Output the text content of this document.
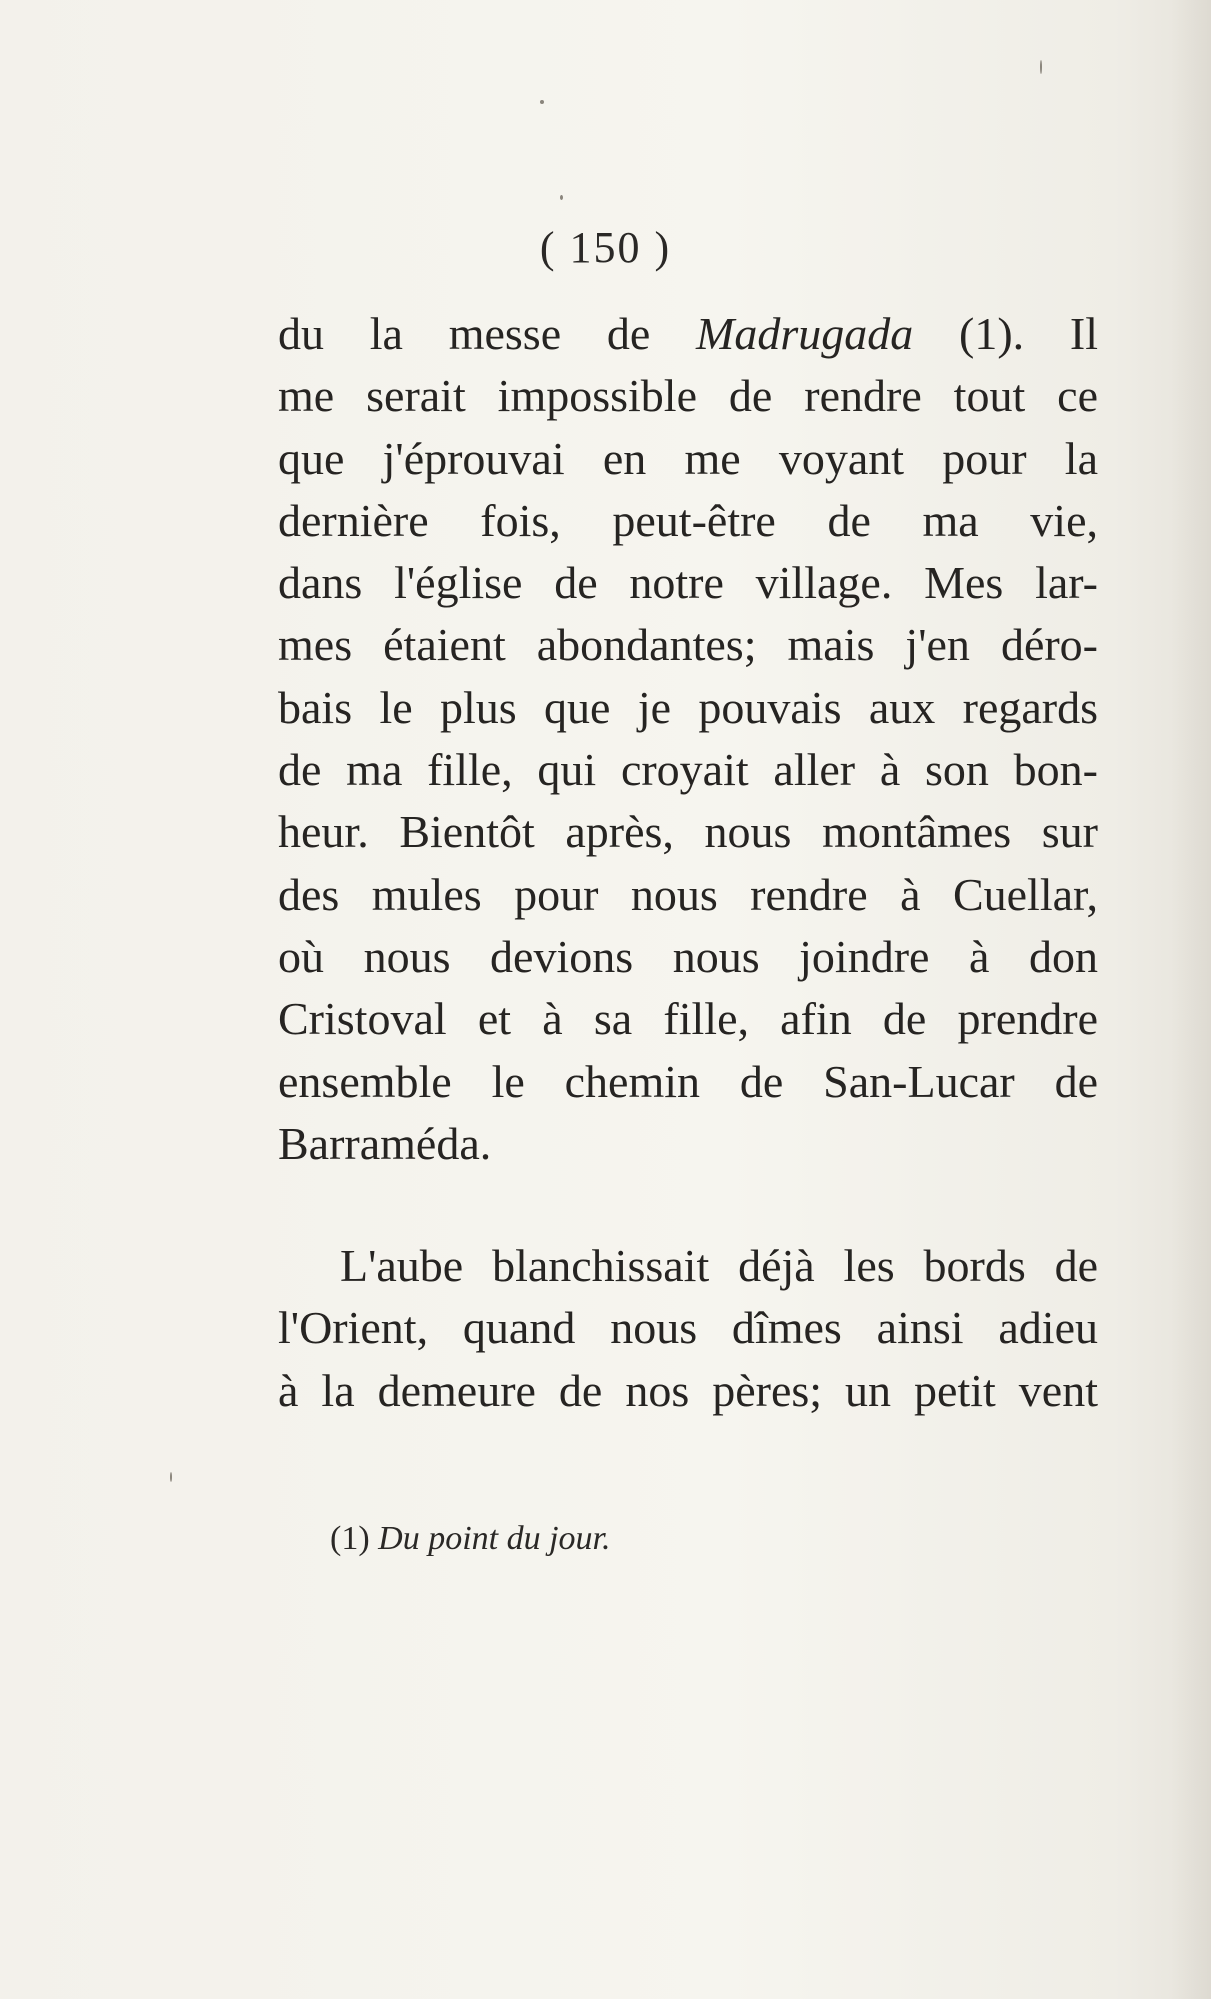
( 150 )
du la messe de Madrugada (1). Il
me serait impossible de rendre tout ce
que j'éprouvai en me voyant pour la
dernière fois, peut-être de ma vie,
dans l'église de notre village. Mes lar-
mes étaient abondantes; mais j'en déro-
bais le plus que je pouvais aux regards
de ma fille, qui croyait aller à son bon-
heur. Bientôt après, nous montâmes sur
des mules pour nous rendre à Cuellar,
où nous devions nous joindre à don
Cristoval et à sa fille, afin de prendre
ensemble le chemin de San-Lucar de
Barraméda.
L'aube blanchissait déjà les bords de
l'Orient, quand nous dîmes ainsi adieu
à la demeure de nos pères; un petit vent
(1) Du point du jour.
